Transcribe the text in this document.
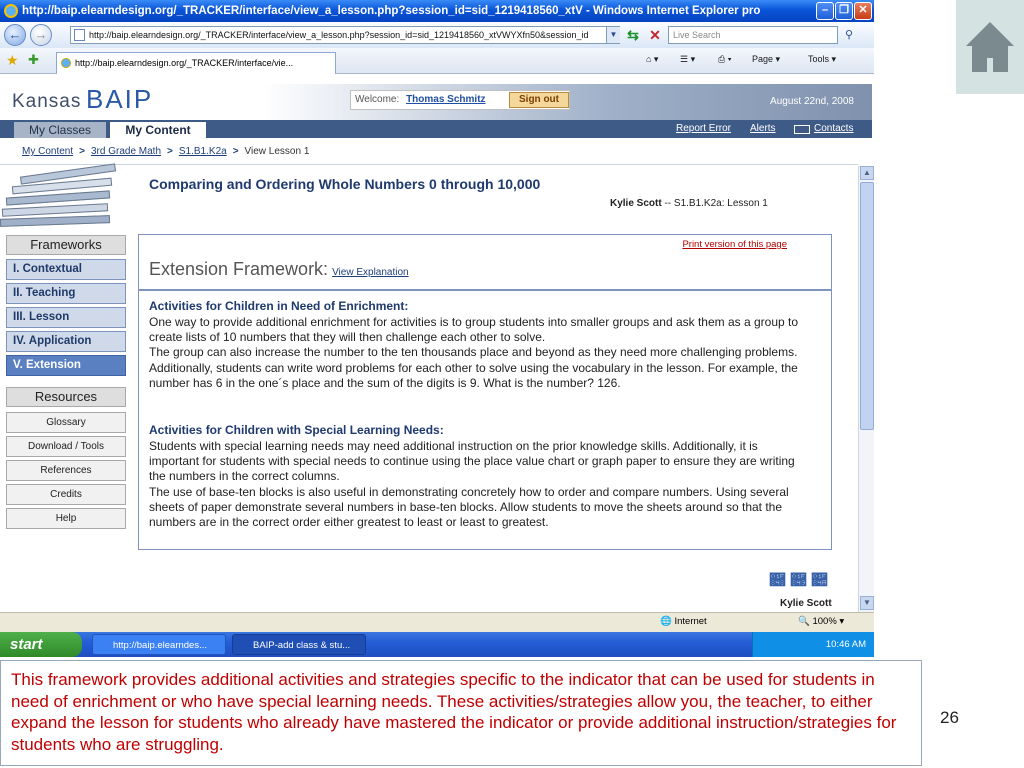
http://baip.elearndesign.org/_TRACKER/interface/view_a_lesson.php?session_id=sid_1219418560_xtV - Windows Internet Explorer pro	–	❐ ✕
←	→	http://baip.elearndesign.org/_TRACKER/interface/view_a_lesson.php?session_id=sid_1219418560_xtVWYXfn50&session_id	▼ ⇆ ✕	Live Search	⚲
★ ✚	http://baip.elearndesign.org/_TRACKER/interface/vie...	⌂ ▾ ☰ ▾	⎙ ▾ Page ▾	Tools ▾
Kansas BAIP	Welcome: Thomas Schmitz	Sign out	August 22nd, 2008
My Classes	My Content	Report Error Alerts	Contacts
My Content > 3rd Grade Math > S1.B1.K2a > View Lesson 1
Comparing and Ordering Whole Numbers 0 through 10,000
Kylie Scott -- S1.B1.K2a: Lesson 1
Frameworks
I. Contextual
II. Teaching
III. Lesson
IV. Application
V. Extension
Resources
Glossary
Download / Tools
References
Credits
Help
Print version of this page
Extension Framework: View Explanation
Activities for Children in Need of Enrichment:
One way to provide additional enrichment for activities is to group students into smaller groups and ask them as a group to create lists of 10 numbers that they will then challenge each other to solve.
The group can also increase the number to the ten thousands place and beyond as they need more challenging problems. Additionally, students can write word problems for each other to solve using the vocabulary in the lesson. For example, the number has 6 in the one´s place and the sum of the digits is 9. What is the number? 126.
Activities for Children with Special Learning Needs:
Students with special learning needs may need additional instruction on the prior knowledge skills. Additionally, it is important for students with special needs to continue using the place value chart or graph paper to ensure they are writing the numbers in the correct columns.
The use of base-ten blocks is also useful in demonstrating concretely how to order and compare numbers. Using several sheets of paper demonstrate several numbers in base-ten blocks. Allow students to move the sheets around so that the numbers are in the correct order either greatest to least or least to greatest.
🡈🡉🡊
Kylie Scott
▲
▼
🌐 Internet	🔍 100% ▾
start	http://baip.elearndes...	BAIP-add class & stu...	10:46 AM
This framework provides additional activities and strategies specific to the indicator that can be used for students in need of enrichment or who have special learning needs. These activities/strategies allow you, the teacher, to either expand the lesson for students who already have mastered the indicator or provide additional instruction/strategies for students who are struggling.
26
